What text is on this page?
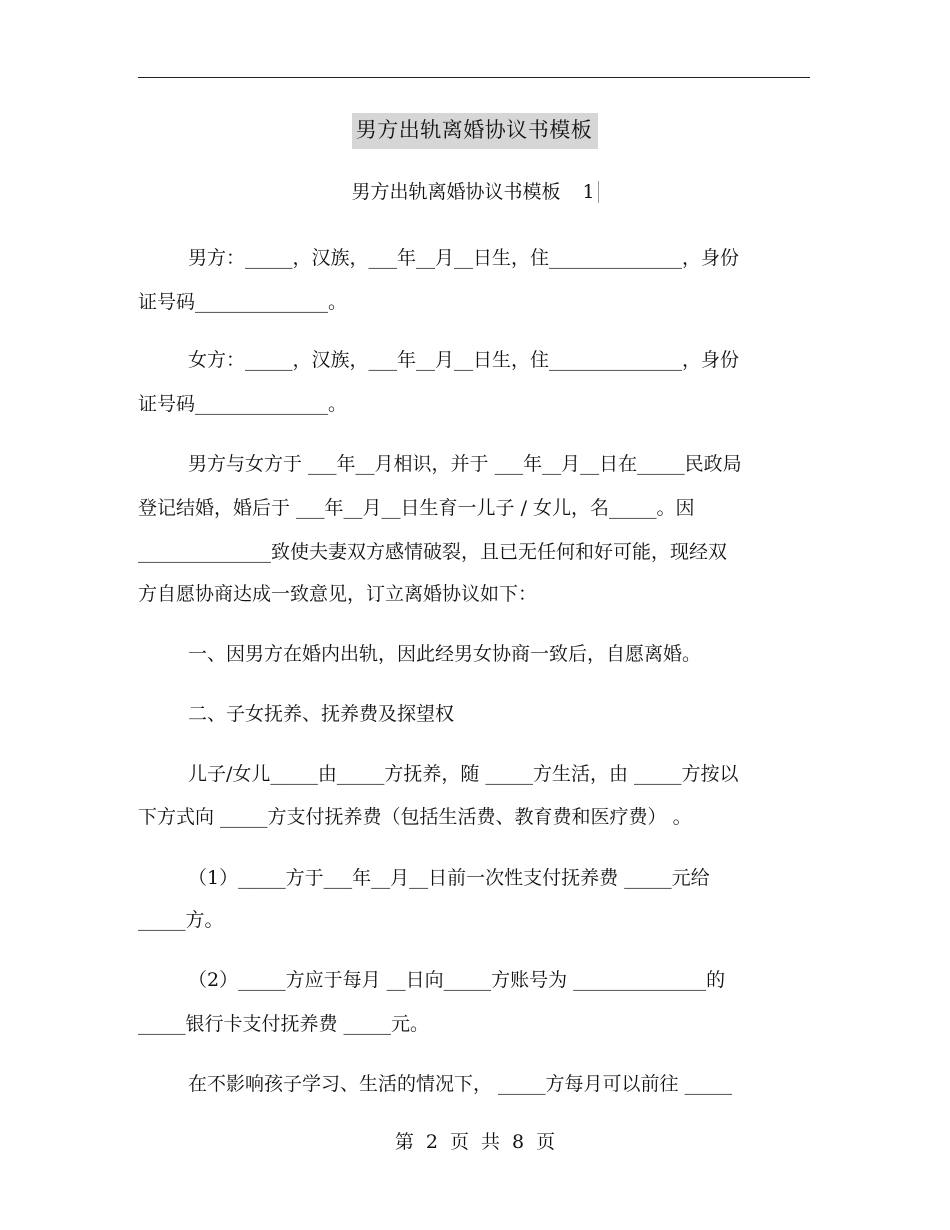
男方出轨离婚协议书模板
男方出轨离婚协议书模板 1
男方：_____，汉族，___年__月__日生，住______________，身份
证号码______________。
女方：_____，汉族，___年__月__日生，住______________，身份
证号码______________。
男方与女方于 ___年__月相识，并于 ___年__月__日在_____民政局
登记结婚，婚后于 ___年__月__日生育一儿子 / 女儿，名_____。因
______________致使夫妻双方感情破裂，且已无任何和好可能，现经双
方自愿协商达成一致意见，订立离婚协议如下：
一、因男方在婚内出轨，因此经男女协商一致后，自愿离婚。
二、子女抚养、抚养费及探望权
儿子/女儿_____由_____方抚养，随 _____方生活，由 _____方按以
下方式向 _____方支付抚养费（包括生活费、教育费和医疗费） 。
（1）_____方于___年__月__日前一次性支付抚养费 _____元给
_____方。
（2）_____方应于每月 __日向_____方账号为 ______________的
_____银行卡支付抚养费 _____元。
在不影响孩子学习、生活的情况下， _____方每月可以前往 _____
第 2 页 共 8 页
